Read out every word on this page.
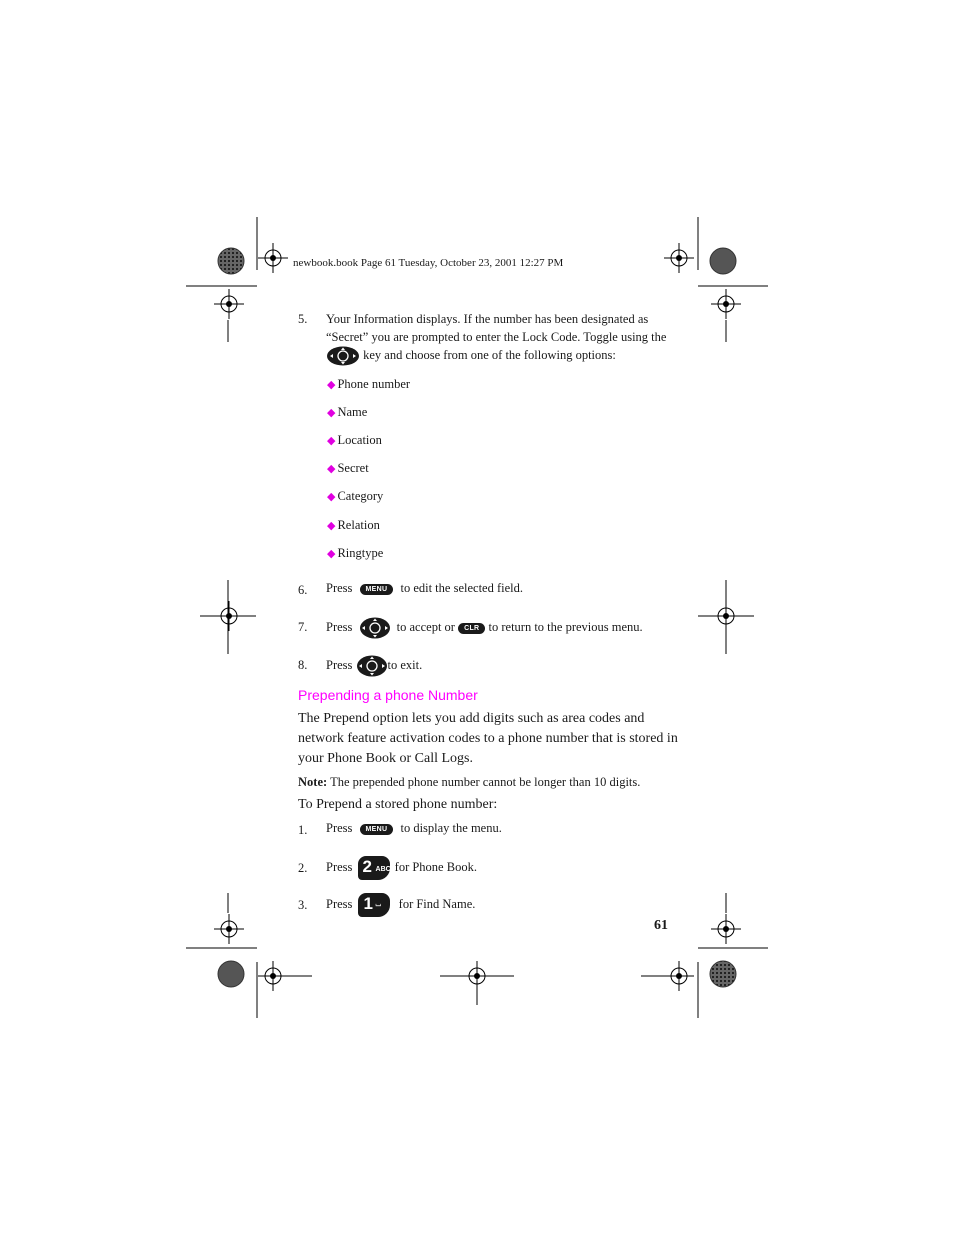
newbook.book Page 61 Tuesday, October 23, 2001 12:27 PM
5. Your Information displays. If the number has been designated as
“Secret” you are prompted to enter the Lock Code. Toggle using the
key and choose from one of the following options:
◆ Phone number
◆ Name
◆ Location
◆ Secret
◆ Category
◆ Relation
◆ Ringtype
6. Press MENU to edit the selected field.
7. Press	to accept or CLR to return to the previous menu.
8. Press	to exit.
Prepending a phone Number
The Prepend option lets you add digits such as area codes and
network feature activation codes to a phone number that is stored in
your Phone Book or Call Logs.
Note: The prepended phone number cannot be longer than 10 digits.
To Prepend a stored phone number:
1. Press MENU to display the menu.
2. Press 2 ABC for Phone Book.
3. Press 1 ⌴ for Find Name.
61
